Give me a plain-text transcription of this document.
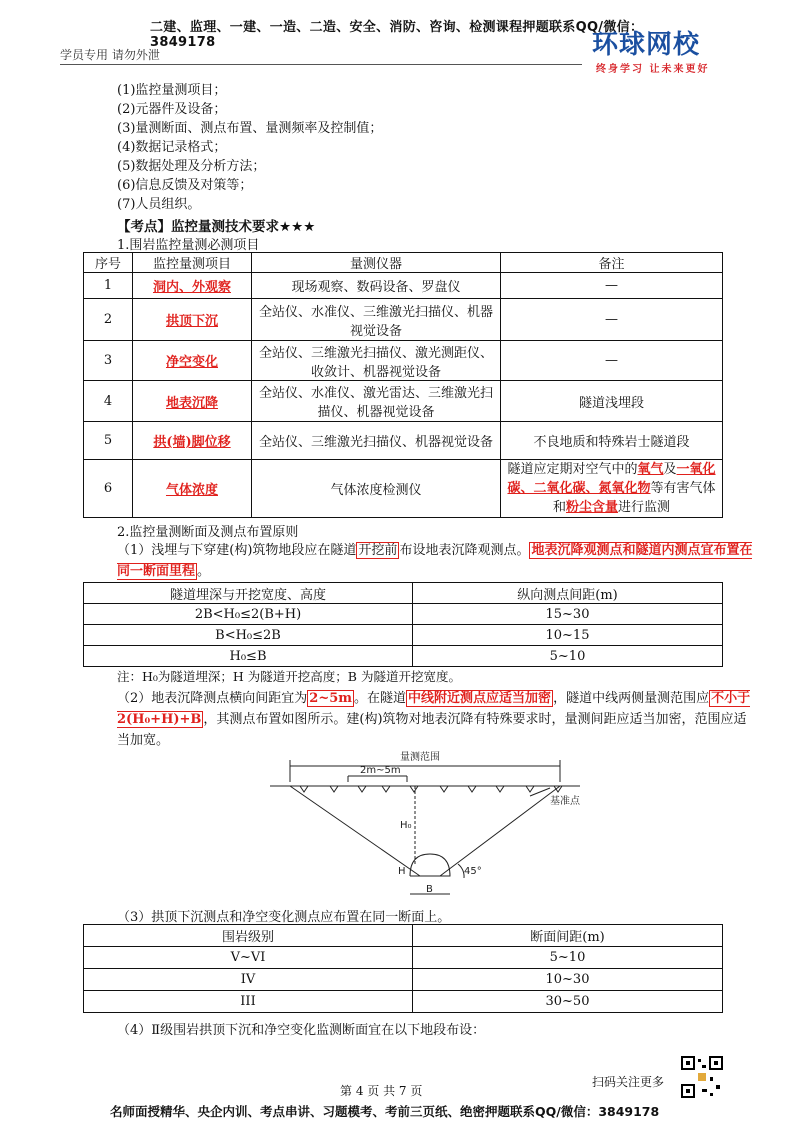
二建、监理、一建、一造、二造、安全、消防、咨询、检测课程押题联系QQ/微信：3849178
学员专用 请勿外泄	环球网校
终身学习 让未来更好
(1)监控量测项目；
(2)元器件及设备；
(3)量测断面、测点布置、量测频率及控制值；
(4)数据记录格式；
(5)数据处理及分析方法；
(6)信息反馈及对策等；
(7)人员组织。
【考点】监控量测技术要求★★★
1.围岩监控量测必测项目
序号	监控量测项目	量测仪器	备注
1	洞内、外观察	现场观察、数码设备、罗盘仪	—
2	拱顶下沉	全站仪、水准仪、三维激光扫描仪、机器视觉设备	—
3	净空变化	全站仪、三维激光扫描仪、激光测距仪、收敛计、机器视觉设备	—
4	地表沉降	全站仪、水准仪、激光雷达、三维激光扫描仪、机器视觉设备	隧道浅埋段
5	拱(墙)脚位移	全站仪、三维激光扫描仪、机器视觉设备	不良地质和特殊岩士隧道段
6	气体浓度	气体浓度检测仪	隧道应定期对空气中的氧气及一氧化碳、二氧化碳、氮氧化物等有害气体和粉尘含量进行监测
2.监控量测断面及测点布置原则
（1）浅埋与下穿建(构)筑物地段应在隧道 开挖前 布设地表沉降观测点。 地表沉降观测点和隧道内测点宜布置在同一断面里程 。
隧道埋深与开挖宽度、高度	纵向测点间距(m)
2B<H₀≤2(B+H)	15~30
B<H₀≤2B	10~15
H₀≤B	5~10
注：H₀为隧道埋深；H 为隧道开挖高度；B 为隧道开挖宽度。
（2）地表沉降测点横向间距宜为 2~5m 。在隧道 中线附近测点应适当加密 ，隧道中线两侧量测范围应 不小于 2(H₀+H)+B ，其测点布置如图所示。建(构)筑物对地表沉降有特殊要求时，量测间距应适当加密，范围应适当加宽。
量测范围
2m~5m
基准点
H₀
H
B
45°
（3）拱顶下沉测点和净空变化测点应布置在同一断面上。
围岩级别	断面间距(m)
V~VI	5~10
IV	10~30
III	30~50
（4）Ⅱ级围岩拱顶下沉和净空变化监测断面宜在以下地段布设：
扫码关注更多
第 4 页 共 7 页
名师面授精华、央企内训、考点串讲、习题模考、考前三页纸、绝密押题联系QQ/微信：3849178
